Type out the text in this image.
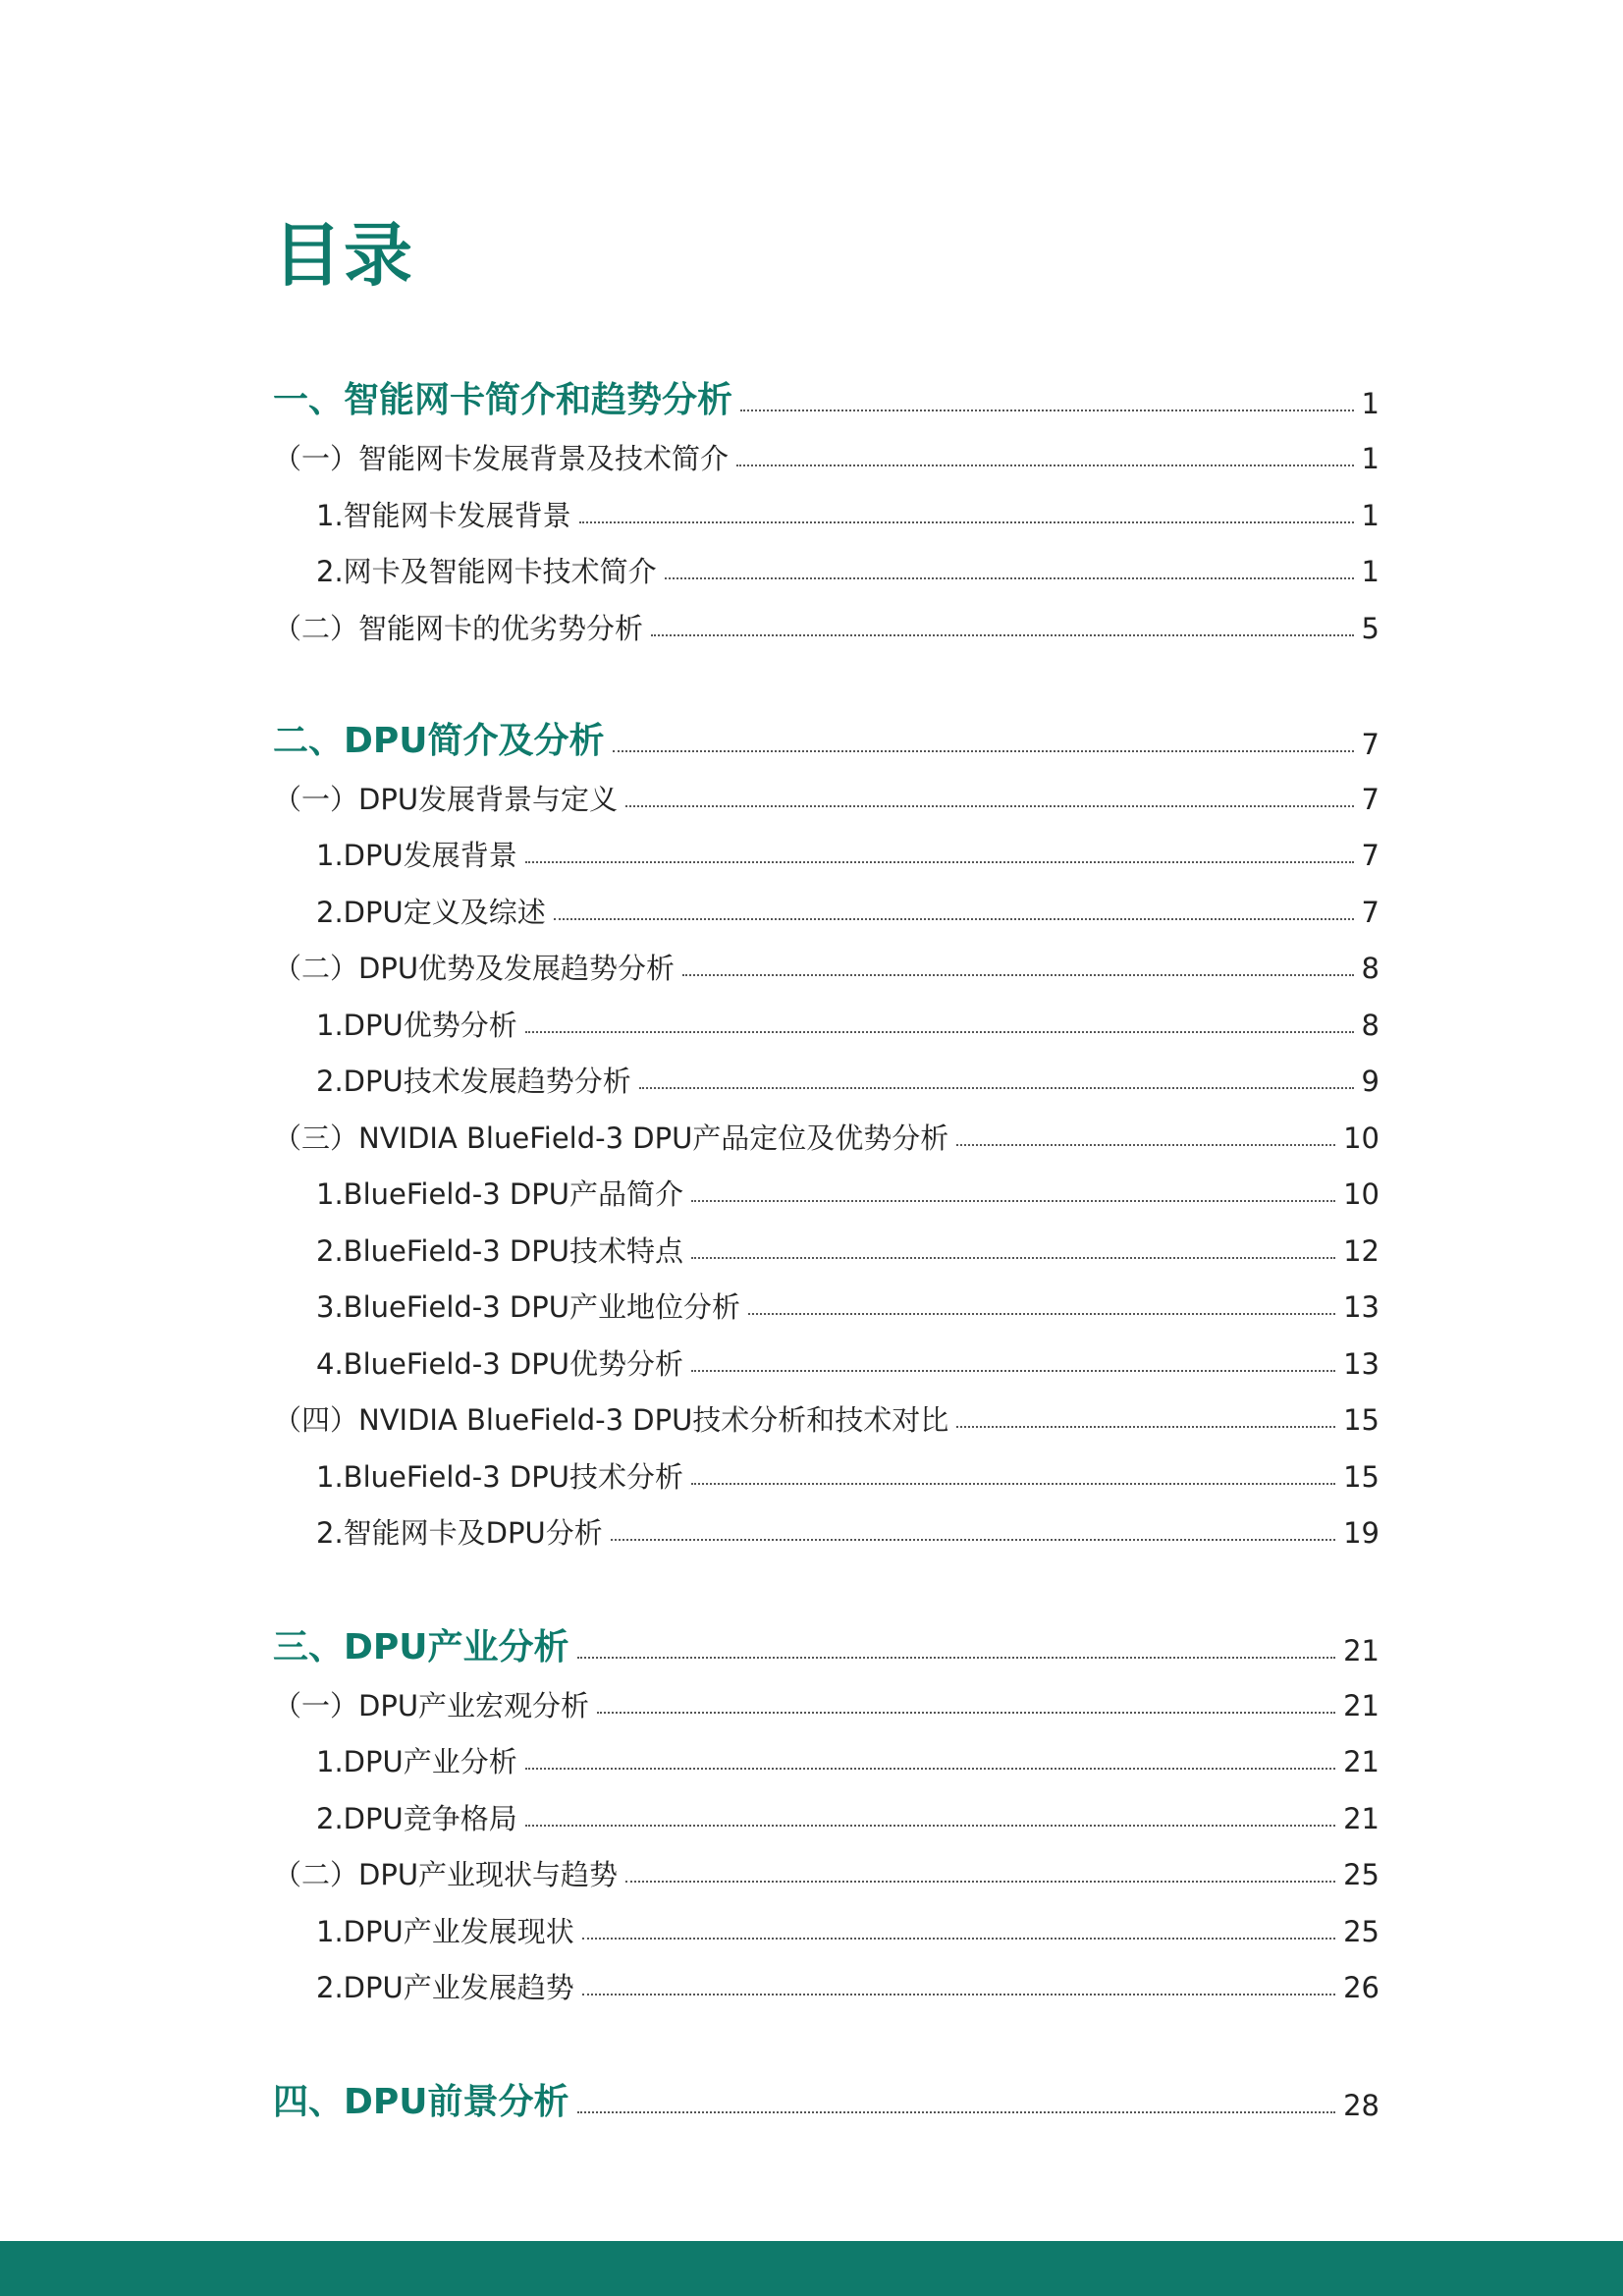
目录
一、智能网卡简介和趋势分析	1
（一）智能网卡发展背景及技术简介	1
1.智能网卡发展背景	1
2.网卡及智能网卡技术简介	1
（二）智能网卡的优劣势分析	5
二、DPU简介及分析	7
（一）DPU发展背景与定义	7
1.DPU发展背景	7
2.DPU定义及综述	7
（二）DPU优势及发展趋势分析	8
1.DPU优势分析	8
2.DPU技术发展趋势分析	9
（三）NVIDIA BlueField-3 DPU产品定位及优势分析	10
1.BlueField-3 DPU产品简介	10
2.BlueField-3 DPU技术特点	12
3.BlueField-3 DPU产业地位分析	13
4.BlueField-3 DPU优势分析	13
（四）NVIDIA BlueField-3 DPU技术分析和技术对比	15
1.BlueField-3 DPU技术分析	15
2.智能网卡及DPU分析	19
三、DPU产业分析	21
（一）DPU产业宏观分析	21
1.DPU产业分析	21
2.DPU竞争格局	21
（二）DPU产业现状与趋势	25
1.DPU产业发展现状	25
2.DPU产业发展趋势	26
四、DPU前景分析	28
